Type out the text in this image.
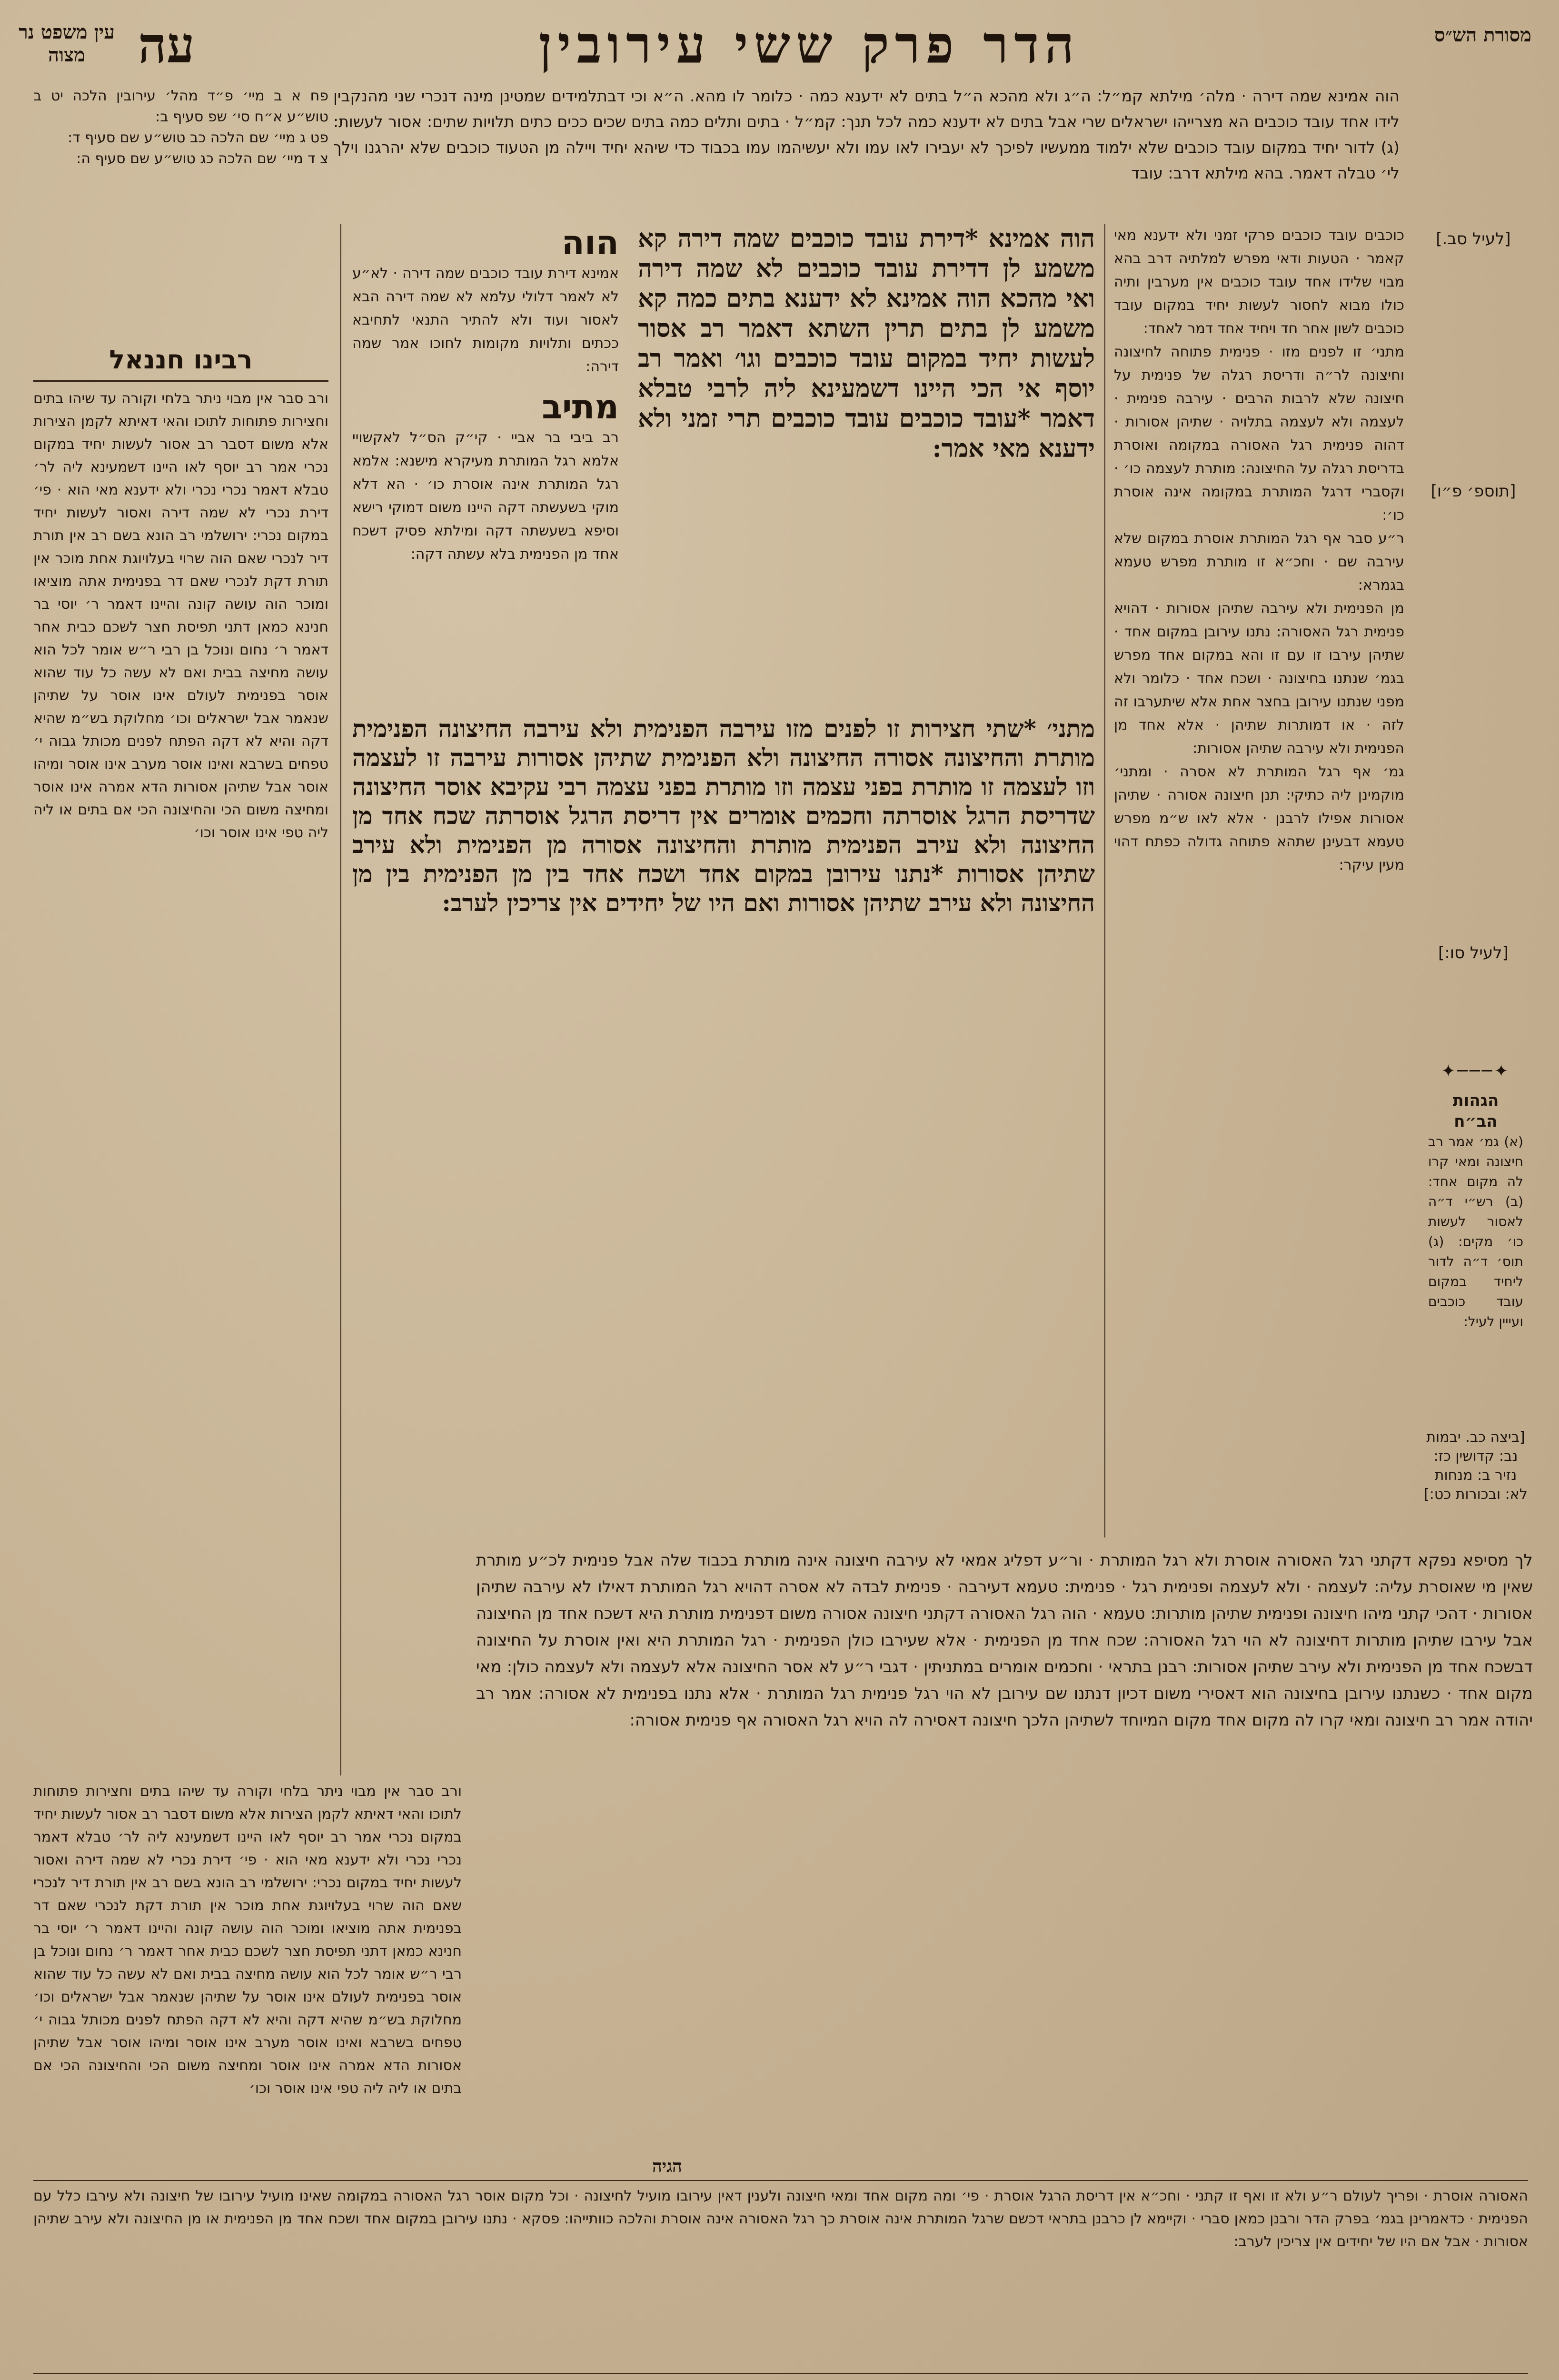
מסורת הש״ס
הדר פרק ששי עירובין
עה
עין משפט נר מצוה

הוה אמינא שמה דירה · מלה׳ מילתא קמ״ל: ה״ג ולא מהכא ה״ל בתים לא ידענא כמה · כלומר לו מהא. ה״א וכי דבתלמידים שמטינן מינה דנכרי שני מהנקבין לידו אחד עובד כוכבים הא מצרייהו ישראלים שרי אבל בתים לא ידענא כמה לכל תנך: קמ״ל · בתים ותלים כמה בתים שכים ככים כתים תלויות שתים: אסור לעשות: (ג) לדור יחיד במקום עובד כוכבים שלא ילמוד ממעשיו לפיכך לא יעבירו לאו עמו ולא יעשיהמו עמו בכבוד כדי שיהא יחיד ויילה מן הטעוד כוכבים שלא יהרגנו וילך לי׳ טבלה דאמר. בהא מילתא דרב: עובד

[לעיל סב.]
[תוספ׳ פ״ו]
[לעיל סו:]
[ביצה כב. יבמות נב: קדושין כז: נזיר ב: מנחות לא: ובכורות כט:]
✦───✦
הגהות הב״ח

(א) גמ׳ אמר רב חיצונה ומאי קרו לה מקום אחד: (ב) רש״י ד״ה לאסור לעשות כו׳ מקים: (ג) תוס׳ ד״ה לדור ליחיד במקום עובד כוכבים ועייין לעיל:

כוכבים עובד כוכבים פרקי זמני ולא ידענא מאי קאמר · הטעות ודאי מפרש למלתיה דרב בהא מבוי שלידו אחד עובד כוכבים אין מערבין ותיה כולו מבוא לחסור לעשות יחיד במקום עובד כוכבים לשון אחר חד ויחיד אחד דמר לאחד:

מתני׳ זו לפנים מזו · פנימית פתוחה לחיצונה וחיצונה לר״ה ודריסת רגלה של פנימית על חיצונה שלא לרבות הרבים · עירבה פנימית · לעצמה ולא לעצמה בתלויה · שתיהן אסורות · דהוה פנימית רגל האסורה במקומה ואוסרת בדריסת רגלה על החיצונה: מותרת לעצמה כו׳ · וקסברי דרגל המותרת במקומה אינה אוסרת כו׳:

ר״ע סבר אף רגל המותרת אוסרת במקום שלא עירבה שם · וחכ״א זו מותרת מפרש טעמא בגמרא:

מן הפנימית ולא עירבה שתיהן אסורות · דהויא פנימית רגל האסורה: נתנו עירובן במקום אחד · שתיהן עירבו זו עם זו והא במקום אחד מפרש בגמ׳ שנתנו בחיצונה · ושכח אחד · כלומר ולא מפני שנתנו עירובן בחצר אחת אלא שיתערבו זה לזה · או דמותרות שתיהן · אלא אחד מן הפנימית ולא עירבה שתיהן אסורות:

גמ׳ אף רגל המותרת לא אסרה · ומתני׳ מוקמינן ליה כתיקי: תנן חיצונה אסורה · שתיהן אסורות אפילו לרבנן · אלא לאו ש״מ מפרש טעמא דבעינן שתהא פתוחה גדולה כפתח דהוי מעין עיקר:

הוה אמינא *דירת עובד כוכבים שמה דירה קא משמע לן דדירת עובד כוכבים לא שמה דירה ואי מהכא הוה אמינא לא ידענא בתים כמה קא משמע לן בתים תרין השתא דאמר רב אסור לעשות יחיד במקום עובד כוכבים וגו׳ ואמר רב יוסף אי הכי היינו דשמעינא ליה לרבי טבלא דאמר *עובד כוכבים עובד כוכבים תרי זמני ולא ידענא מאי אמר:

הוה

אמינא דירת עובד כוכבים שמה דירה · לא״ע לא לאמר דלולי עלמא לא שמה דירה הבא לאסור ועוד ולא להתיר התנאי לתחיבא ככתים ותלויות מקומות לחוכו אמר שמה דירה:

מתיב

רב ביבי בר אביי · קי״ק הס״ל לאקשויי אלמא רגל המותרת מעיקרא מישנא: אלמא רגל המותרת אינה אוסרת כו׳ · הא דלא מוקי בשעשתה דקה היינו משום דמוקי רישא וסיפא בשעשתה דקה ומילתא פסיק דשכח אחד מן הפנימית בלא עשתה דקה:

מתני׳ *שתי חצירות זו לפנים מזו עירבה הפנימית ולא עירבה החיצונה הפנימית מותרת והחיצונה אסורה החיצונה ולא הפנימית שתיהן אסורות עירבה זו לעצמה וזו לעצמה זו מותרת בפני עצמה וזו מותרת בפני עצמה רבי עקיבא אוסר החיצונה שדריסת הרגל אוסרתה וחכמים אומרים אין דריסת הרגל אוסרתה שכח אחד מן החיצונה ולא עירב הפנימית מותרת והחיצונה אסורה מן הפנימית ולא עירב שתיהן אסורות *נתנו עירובן במקום אחד ושכח אחד בין מן הפנימית בין מן החיצונה ולא עירב שתיהן אסורות ואם היו של יחידים אין צריכין לערב:

פח א ב מיי׳ פ״ד מהל׳ עירובין הלכה יט ב טוש״ע א״ח סי׳ שפ סעיף ב:

פט ג מיי׳ שם הלכה כב טוש״ע שם סעיף ד:

צ ד מיי׳ שם הלכה כג טוש״ע שם סעיף ה:

רבינו חננאל

ורב סבר אין מבוי ניתר בלחי וקורה עד שיהו בתים וחצירות פתוחות לתוכו והאי דאיתא לקמן הצירות אלא משום דסבר רב אסור לעשות יחיד במקום נכרי אמר רב יוסף לאו היינו דשמעינא ליה לר׳ טבלא דאמר נכרי נכרי ולא ידענא מאי הוא · פי׳ דירת נכרי לא שמה דירה ואסור לעשות יחיד במקום נכרי: ירושלמי רב הונא בשם רב אין תורת דיר לנכרי שאם הוה שרוי בעלויוגת אחת מוכר אין תורת דקת לנכרי שאם דר בפנימית אתה מוציאו ומוכר הוה עושה קונה והיינו דאמר ר׳ יוסי בר חנינא כמאן דתני תפיסת חצר לשכם כבית אחר דאמר ר׳ נחום ונוכל בן רבי ר״ש אומר לכל הוא עושה מחיצה בבית ואם לא עשה כל עוד שהוא אוסר בפנימית לעולם אינו אוסר על שתיהן שנאמר אבל ישראלים וכו׳ מחלוקת בש״מ שהיא דקה והיא לא דקה הפתח לפנים מכותל גבוה י׳ טפחים בשרבא ואינו אוסר מערב אינו אוסר ומיהו אוסר אבל שתיהן אסורות הדא אמרה אינו אוסר ומחיצה משום הכי והחיצונה הכי אם בתים או ליה ליה טפי אינו אוסר וכו׳

לך מסיפא נפקא דקתני רגל האסורה אוסרת ולא רגל המותרת · ור״ע דפליג אמאי לא עירבה חיצונה אינה מותרת בכבוד שלה אבל פנימית לכ״ע מותרת שאין מי שאוסרת עליה: לעצמה · ולא לעצמה ופנימית רגל · פנימית: טעמא דעירבה · פנימית לבדה לא אסרה דהויא רגל המותרת דאילו לא עירבה שתיהן אסורות · דהכי קתני מיהו חיצונה ופנימית שתיהן מותרות: טעמא · הוה רגל האסורה דקתני חיצונה אסורה משום דפנימית מותרת היא דשכח אחד מן החיצונה אבל עירבו שתיהן מותרות דחיצונה לא הוי רגל האסורה: שכח אחד מן הפנימית · אלא שעירבו כולן הפנימית · רגל המותרת היא ואין אוסרת על החיצונה דבשכח אחד מן הפנימית ולא עירב שתיהן אסורות: רבנן בתראי · וחכמים אומרים במתניתין · דגבי ר״ע לא אסר החיצונה אלא לעצמה ולא לעצמה כולן: מאי מקום אחד · כשנתנו עירובן בחיצונה הוא דאסירי משום דכיון דנתנו שם עירובן לא הוי רגל פנימית רגל המותרת · אלא נתנו בפנימית לא אסורה: אמר רב יהודה אמר רב חיצונה ומאי קרו לה מקום אחד מקום המיוחד לשתיהן הלכך חיצונה דאסירה לה הויא רגל האסורה אף פנימית אסורה:

ורב סבר אין מבוי ניתר בלחי וקורה עד שיהו בתים וחצירות פתוחות לתוכו והאי דאיתא לקמן הצירות אלא משום דסבר רב אסור לעשות יחיד במקום נכרי אמר רב יוסף לאו היינו דשמעינא ליה לר׳ טבלא דאמר נכרי נכרי ולא ידענא מאי הוא · פי׳ דירת נכרי לא שמה דירה ואסור לעשות יחיד במקום נכרי: ירושלמי רב הונא בשם רב אין תורת דיר לנכרי שאם הוה שרוי בעלויוגת אחת מוכר אין תורת דקת לנכרי שאם דר בפנימית אתה מוציאו ומוכר הוה עושה קונה והיינו דאמר ר׳ יוסי בר חנינא כמאן דתני תפיסת חצר לשכם כבית אחר דאמר ר׳ נחום ונוכל בן רבי ר״ש אומר לכל הוא עושה מחיצה בבית ואם לא עשה כל עוד שהוא אוסר בפנימית לעולם אינו אוסר על שתיהן שנאמר אבל ישראלים וכו׳ מחלוקת בש״מ שהיא דקה והיא לא דקה הפתח לפנים מכותל גבוה י׳ טפחים בשרבא ואינו אוסר מערב אינו אוסר ומיהו אוסר אבל שתיהן אסורות הדא אמרה אינו אוסר ומחיצה משום הכי והחיצונה הכי אם בתים או ליה ליה טפי אינו אוסר וכו׳

הגיה

האסורה אוסרת · ופריך לעולם ר״ע ולא זו ואף זו קתני · וחכ״א אין דריסת הרגל אוסרת · פי׳ ומה מקום אחד ומאי חיצונה ולענין דאין עירובו מועיל לחיצונה · וכל מקום אוסר רגל האסורה במקומה שאינו מועיל עירובו של חיצונה ולא עירבו כלל עם הפנימית · כדאמרינן בגמ׳ בפרק הדר ורבנן כמאן סברי · וקיימא לן כרבנן בתראי דכשם שרגל המותרת אינה אוסרת כך רגל האסורה אינה אוסרת והלכה כוותייהו: פסקא · נתנו עירובן במקום אחד ושכח אחד מן הפנימית או מן החיצונה ולא עירב שתיהן אסורות · אבל אם היו של יחידים אין צריכין לערב:
